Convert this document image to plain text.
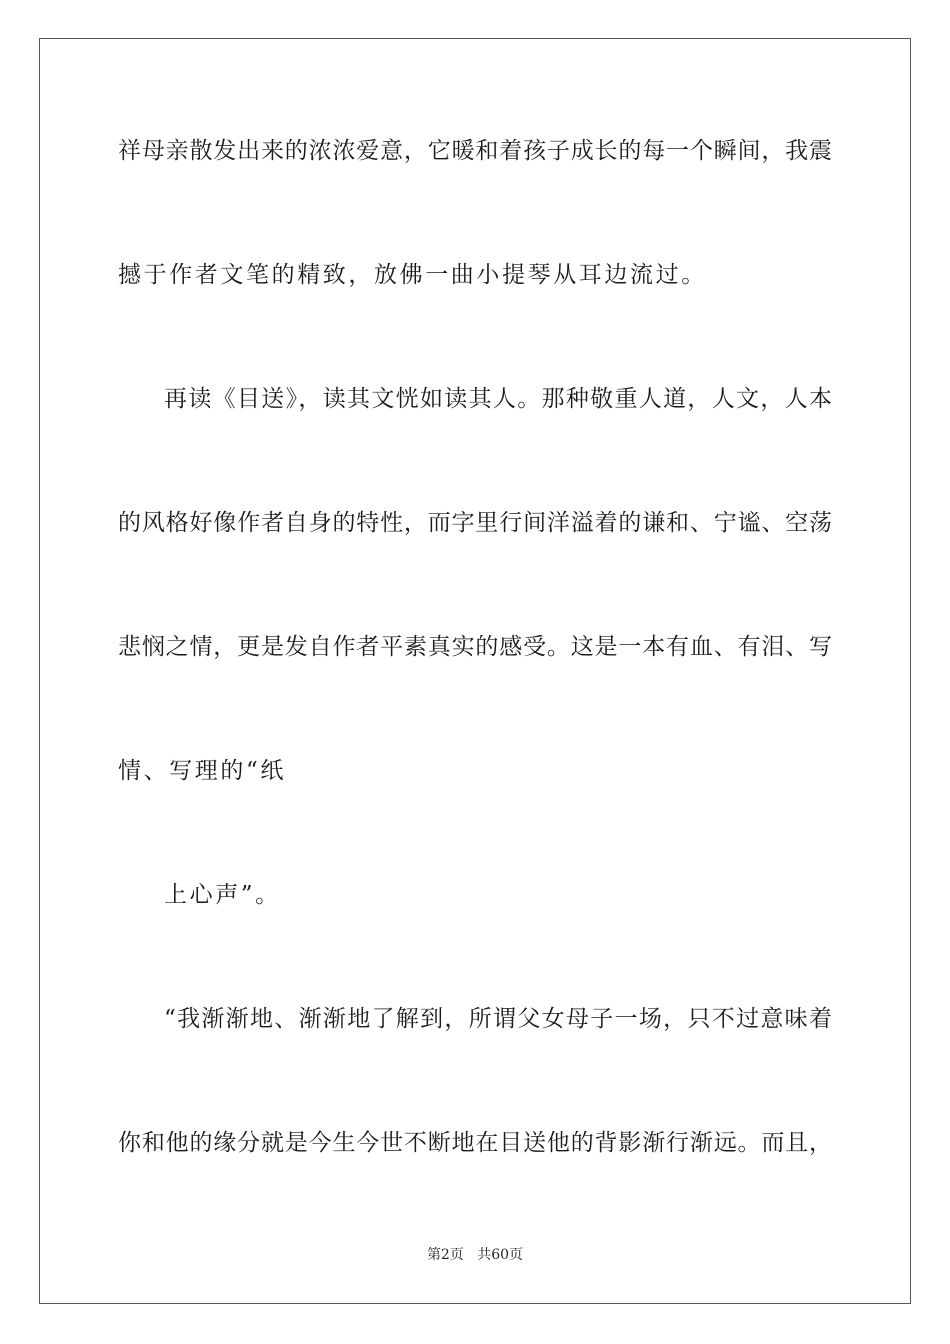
祥母亲散发出来的浓浓爱意，它暖和着孩子成长的每一个瞬间，我震
撼于作者文笔的精致，放佛一曲小提琴从耳边流过。
再读《目送》，读其文恍如读其人。那种敬重人道，人文，人本
的风格好像作者自身的特性，而字里行间洋溢着的谦和、宁谧、空荡
悲悯之情，更是发自作者平素真实的感受。这是一本有血、有泪、写
情、写理的“纸
上心声”。
“我渐渐地、渐渐地了解到，所谓父女母子一场，只不过意味着
你和他的缘分就是今生今世不断地在目送他的背影渐行渐远。而且，
第2页 共60页
